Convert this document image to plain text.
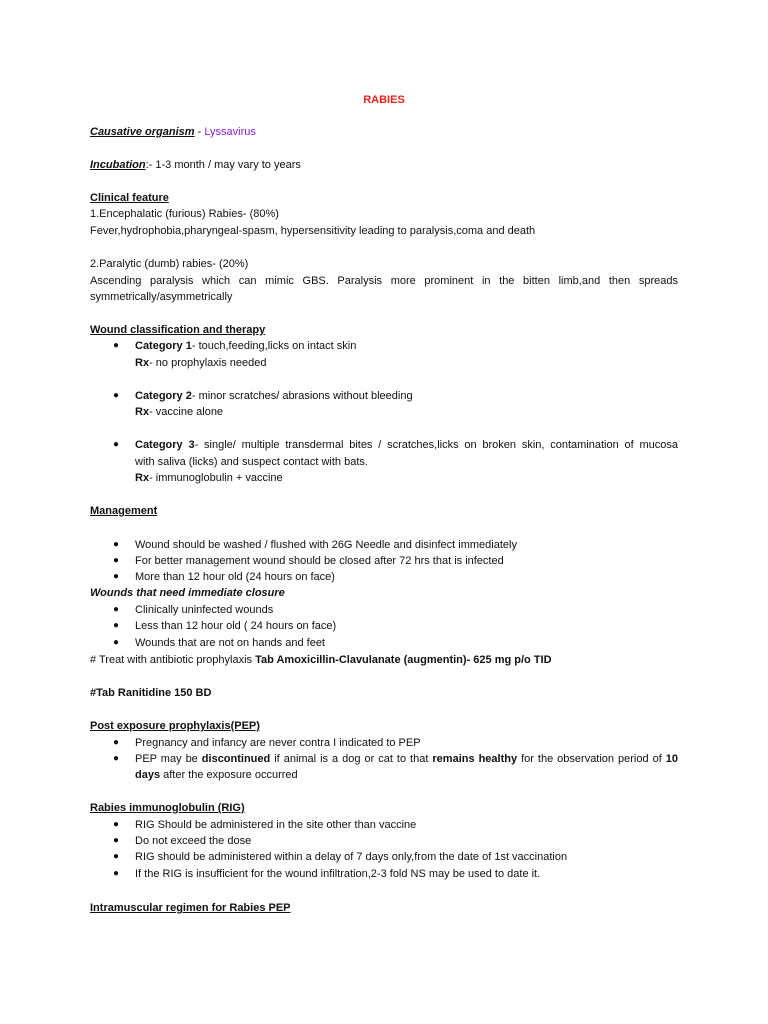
RABIES
Causative organism - Lyssavirus
Incubation:- 1-3 month / may vary to years
Clinical feature
1.Encephalatic (furious) Rabies- (80%)
Fever,hydrophobia,pharyngeal-spasm, hypersensitivity leading to paralysis,coma and death
2.Paralytic (dumb) rabies- (20%)
Ascending paralysis which can mimic GBS. Paralysis more prominent in the bitten limb,and then spreads
symmetrically/asymmetrically
Wound classification and therapy
●	Category 1- touch,feeding,licks on intact skin
Rx- no prophylaxis needed
●	Category 2- minor scratches/ abrasions without bleeding
Rx- vaccine alone
●	Category 3- single/ multiple transdermal bites / scratches,licks on broken skin, contamination of mucosa
with saliva (licks) and suspect contact with bats.
Rx- immunoglobulin + vaccine
Management
●	Wound should be washed / flushed with 26G Needle and disinfect immediately
●	For better management wound should be closed after 72 hrs that is infected
●	More than 12 hour old (24 hours on face)
Wounds that need immediate closure
●	Clinically uninfected wounds
●	Less than 12 hour old ( 24 hours on face)
●	Wounds that are not on hands and feet
# Treat with antibiotic prophylaxis Tab Amoxicillin-Clavulanate (augmentin)- 625 mg p/o TID
#Tab Ranitidine 150 BD
Post exposure prophylaxis(PEP)
●	Pregnancy and infancy are never contra I indicated to PEP
●	PEP may be discontinued if animal is a dog or cat to that remains healthy for the observation period of 10
days after the exposure occurred
Rabies immunoglobulin (RIG)
●	RIG Should be administered in the site other than vaccine
●	Do not exceed the dose
●	RIG should be administered within a delay of 7 days only,from the date of 1st vaccination
●	If the RIG is insufficient for the wound infiltration,2-3 fold NS may be used to date it.
Intramuscular regimen for Rabies PEP
